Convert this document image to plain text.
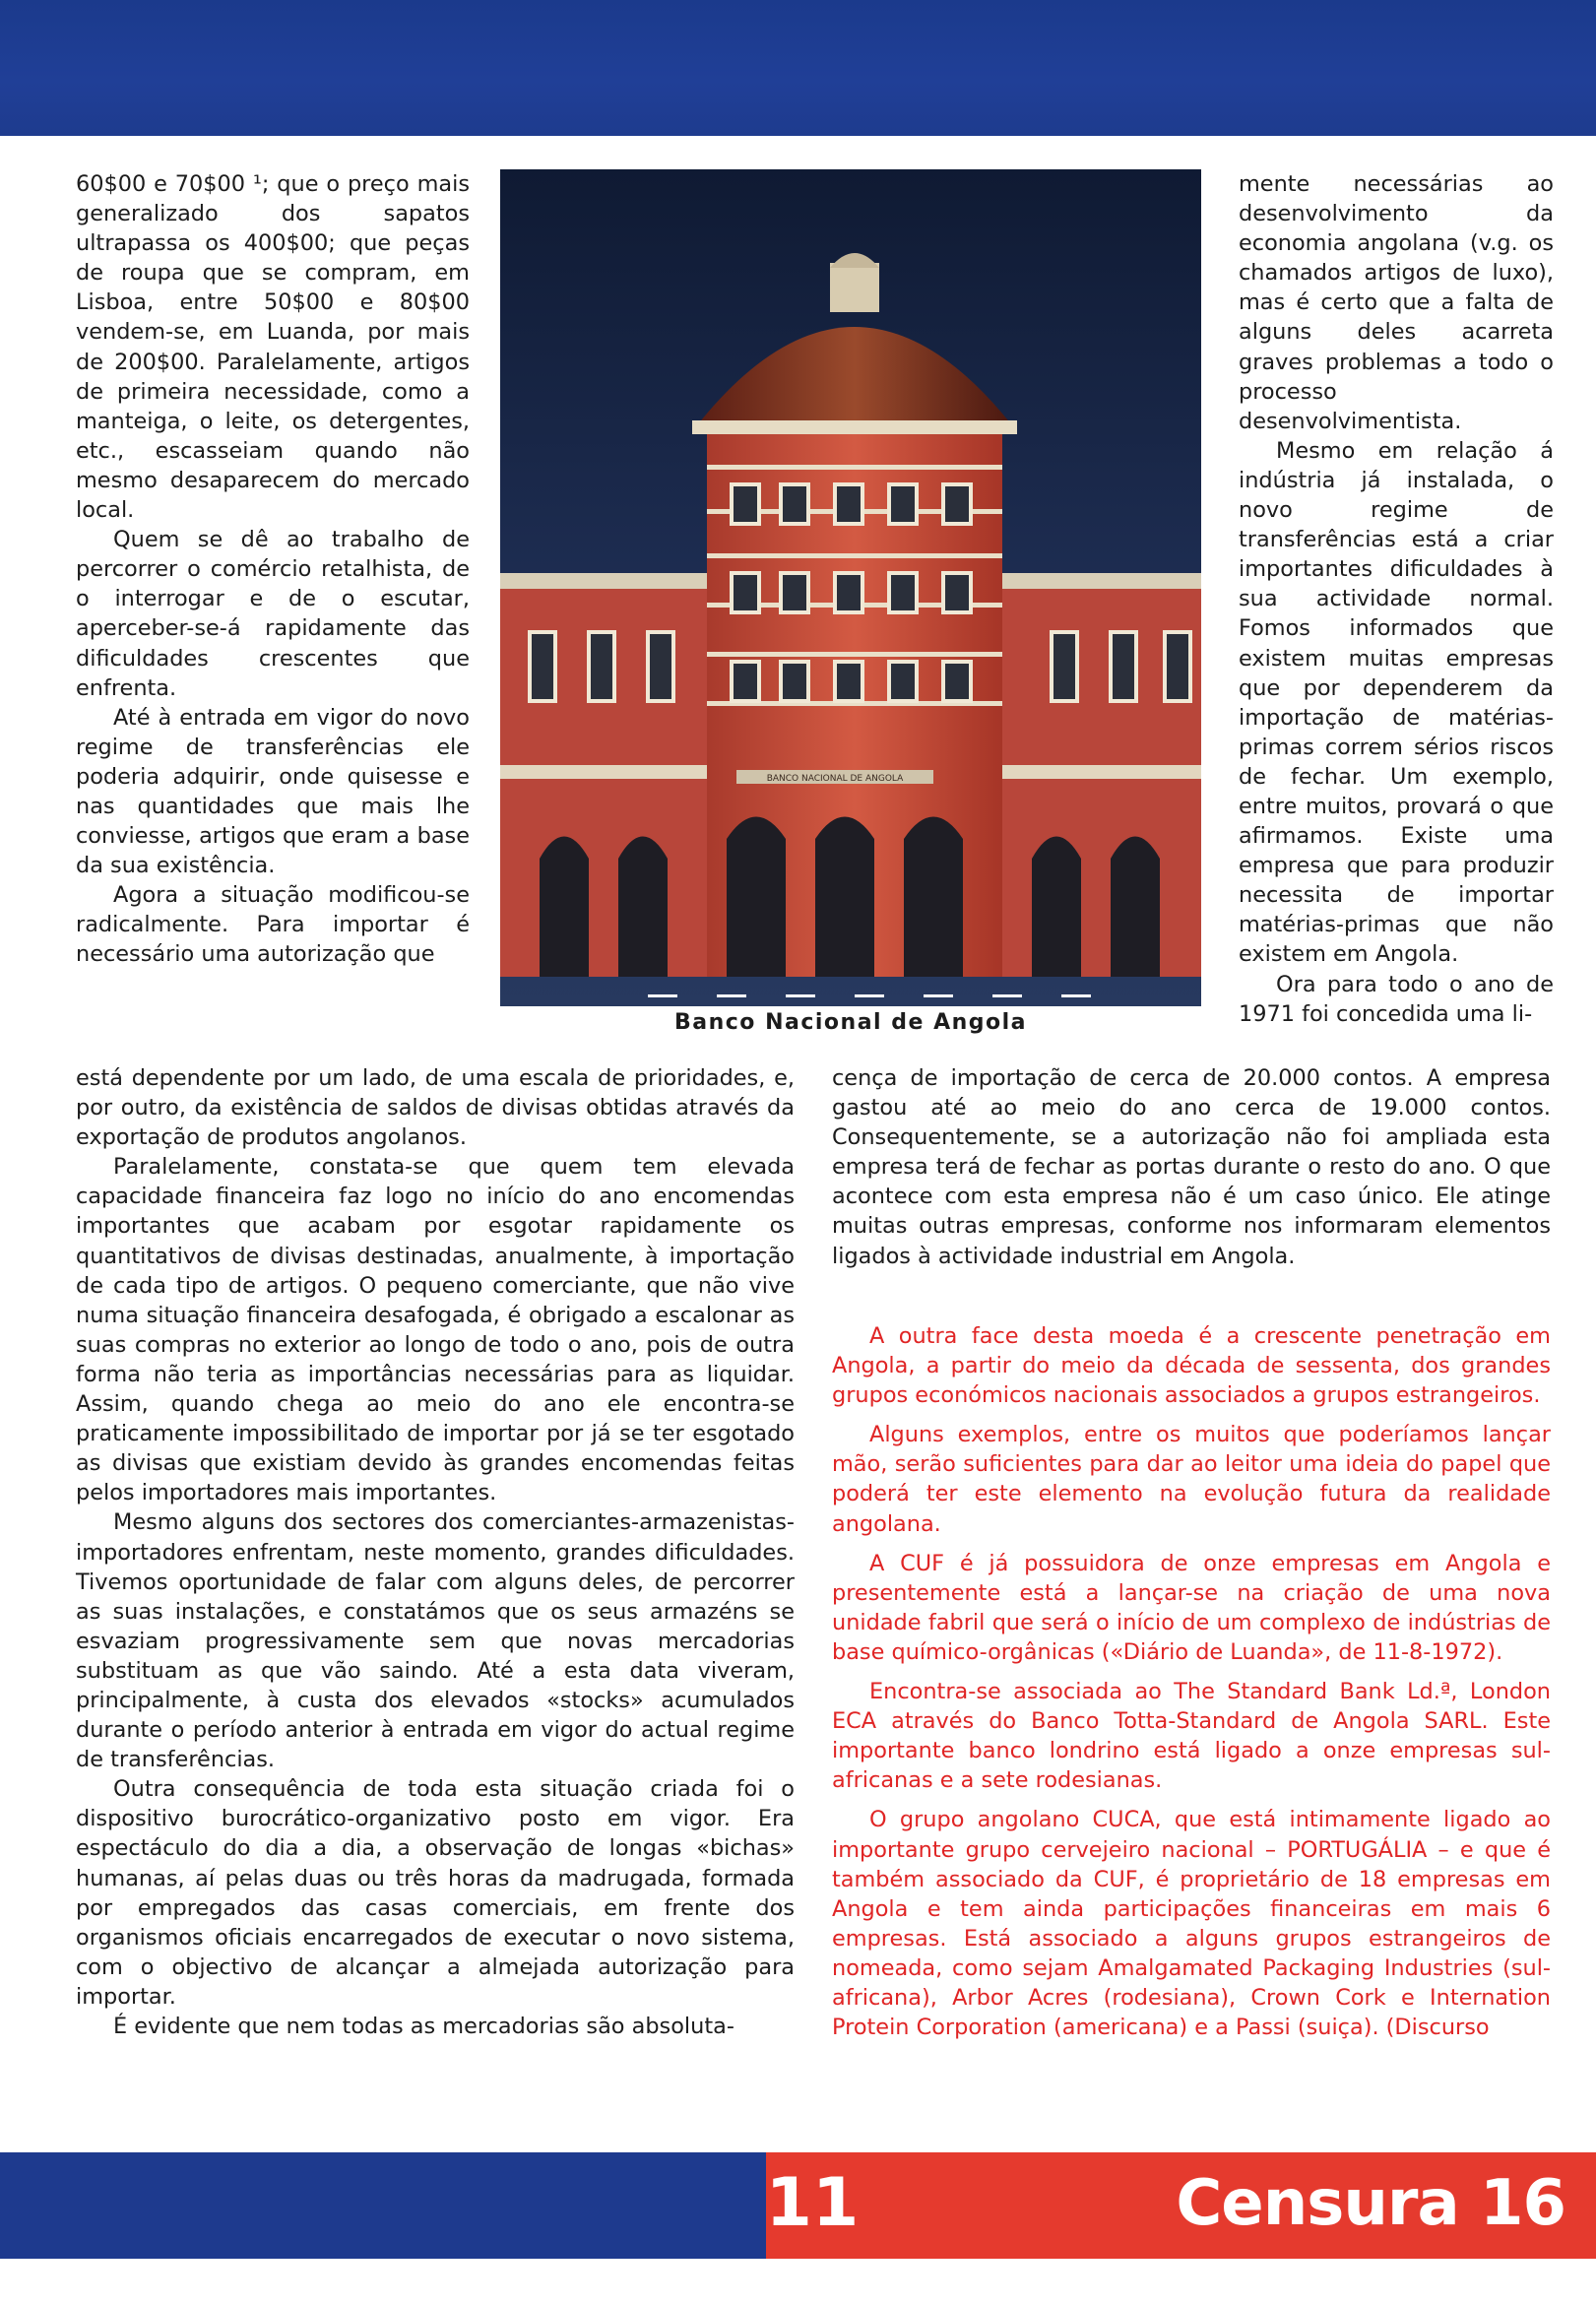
BANCO NACIONAL DE ANGOLA
Banco Nacional de Angola

60$00 e 70$00 ¹; que o preço mais generalizado dos sapatos ultrapassa os 400$00; que peças de roupa que se compram, em Lisboa, entre 50$00 e 80$00 vendem-se, em Luanda, por mais de 200$00. Paralelamente, artigos de primeira necessidade, como a manteiga, o leite, os detergentes, etc., escasseiam quando não mesmo desaparecem do mercado local.

Quem se dê ao trabalho de percorrer o comércio retalhista, de o interrogar e de o escutar, aperceber-se-á rapidamente das dificuldades crescentes que enfrenta.

Até à entrada em vigor do novo regime de transferências ele poderia adquirir, onde quisesse e nas quantidades que mais lhe conviesse, artigos que eram a base da sua existência.

Agora a situação modificou-se radicalmente. Para importar é necessário uma autorização que

está dependente por um lado, de uma escala de prioridades, e, por outro, da existência de saldos de divisas obtidas através da exportação de produtos angolanos.

Paralelamente, constata-se que quem tem elevada capacidade financeira faz logo no início do ano encomendas importantes que acabam por esgotar rapidamente os quantitativos de divisas destinadas, anualmente, à importação de cada tipo de artigos. O pequeno comerciante, que não vive numa situação financeira desafogada, é obrigado a escalonar as suas compras no exterior ao longo de todo o ano, pois de outra forma não teria as importâncias necessárias para as liquidar. Assim, quando chega ao meio do ano ele encontra-se praticamente impossibilitado de importar por já se ter esgotado as divisas que existiam devido às grandes encomendas feitas pelos importadores mais importantes.

Mesmo alguns dos sectores dos comerciantes-armazenistas-importadores enfrentam, neste momento, grandes dificuldades. Tivemos oportunidade de falar com alguns deles, de percorrer as suas instalações, e constatámos que os seus armazéns se esvaziam progressivamente sem que novas mercadorias substituam as que vão saindo. Até a esta data viveram, principalmente, à custa dos elevados «stocks» acumulados durante o período anterior à entrada em vigor do actual regime de transferências.

Outra consequência de toda esta situação criada foi o dispositivo burocrático-organizativo posto em vigor. Era espectáculo do dia a dia, a observação de longas «bichas» humanas, aí pelas duas ou três horas da madrugada, formada por empregados das casas comerciais, em frente dos organismos oficiais encarregados de executar o novo sistema, com o objectivo de alcançar a almejada autorização para importar.

É evidente que nem todas as mercadorias são absoluta-

mente necessárias ao desenvolvimento da economia angolana (v.g. os chamados artigos de luxo), mas é certo que a falta de alguns deles acarreta graves problemas a todo o processo desenvolvimentista.

Mesmo em relação á indústria já instalada, o novo regime de transferências está a criar importantes dificuldades à sua actividade normal. Fomos informados que existem muitas empresas que por dependerem da importação de matérias-primas correm sérios riscos de fechar. Um exemplo, entre muitos, provará o que afirmamos. Existe uma empresa que para produzir necessita de importar matérias-primas que não existem em Angola.

Ora para todo o ano de 1971 foi concedida uma li-

cença de importação de cerca de 20.000 contos. A empresa gastou até ao meio do ano cerca de 19.000 contos. Consequentemente, se a autorização não foi ampliada esta empresa terá de fechar as portas durante o resto do ano. O que acontece com esta empresa não é um caso único. Ele atinge muitas outras empresas, conforme nos informaram elementos ligados à actividade industrial em Angola.

A outra face desta moeda é a crescente penetração em Angola, a partir do meio da década de sessenta, dos grandes grupos económicos nacionais associados a grupos estrangeiros.

Alguns exemplos, entre os muitos que poderíamos lançar mão, serão suficientes para dar ao leitor uma ideia do papel que poderá ter este elemento na evolução futura da realidade angolana.

A CUF é já possuidora de onze empresas em Angola e presentemente está a lançar-se na criação de uma nova unidade fabril que será o início de um complexo de indústrias de base químico-orgânicas («Diário de Luanda», de 11-8-1972).

Encontra-se associada ao The Standard Bank Ld.ª, London ECA através do Banco Totta-Standard de Angola SARL. Este importante banco londrino está ligado a onze empresas sul-africanas e a sete rodesianas.

O grupo angolano CUCA, que está intimamente ligado ao importante grupo cervejeiro nacional – PORTUGÁLIA – e que é também associado da CUF, é proprietário de 18 empresas em Angola e tem ainda participações financeiras em mais 6 empresas. Está associado a alguns grupos estrangeiros de nomeada, como sejam Amalgamated Packaging Industries (sul-africana), Arbor Acres (rodesiana), Crown Cork e Internation Protein Corporation (americana) e a Passi (suiça). (Discurso

11	Censura 16
